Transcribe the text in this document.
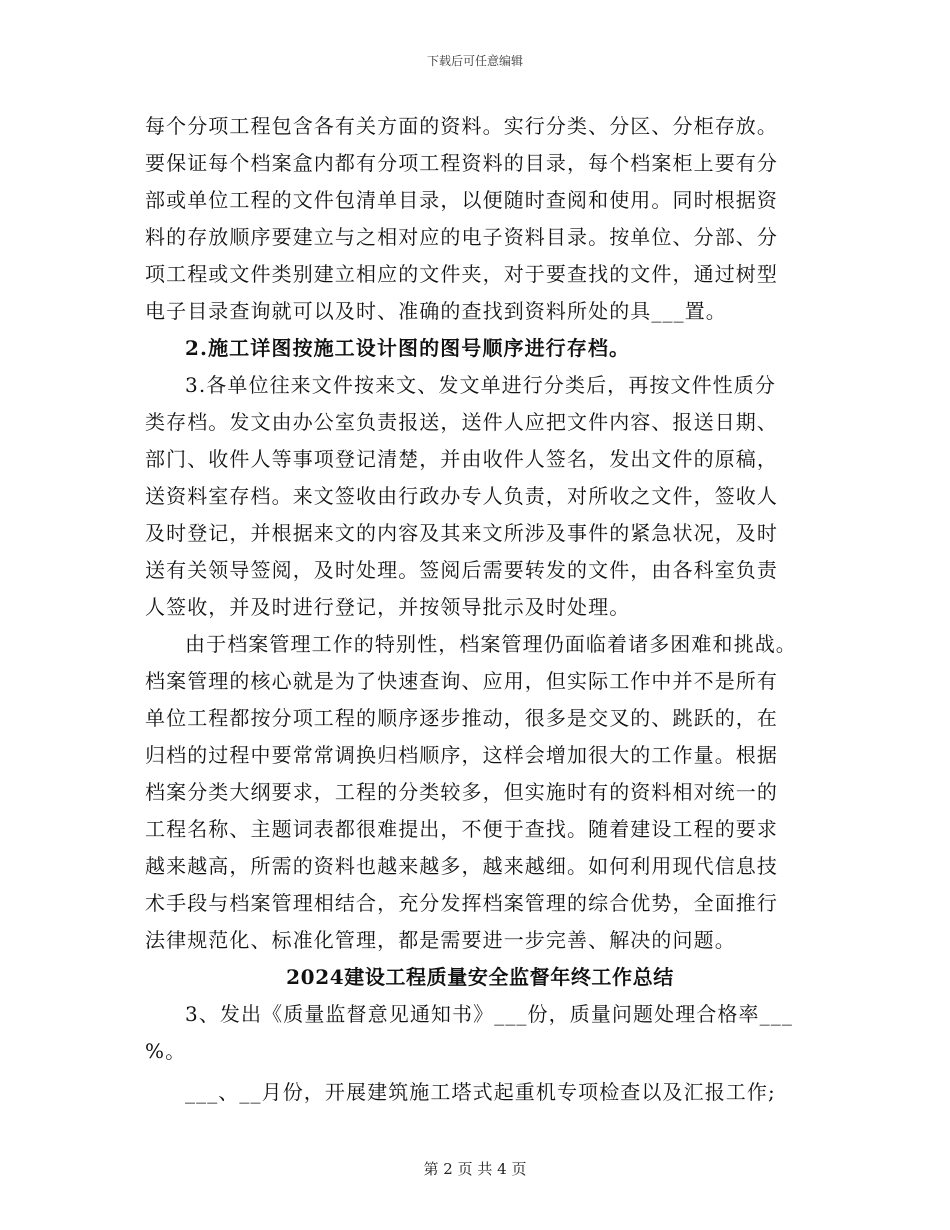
下载后可任意编辑
每个分项工程包含各有关方面的资料。实行分类、分区、分柜存放。
要保证每个档案盒内都有分项工程资料的目录，每个档案柜上要有分
部或单位工程的文件包清单目录，以便随时查阅和使用。同时根据资
料的存放顺序要建立与之相对应的电子资料目录。按单位、分部、分
项工程或文件类别建立相应的文件夹，对于要查找的文件，通过树型
电子目录查询就可以及时、准确的查找到资料所处的具___置。
2.施工详图按施工设计图的图号顺序进行存档。
3.各单位往来文件按来文、发文单进行分类后，再按文件性质分
类存档。发文由办公室负责报送，送件人应把文件内容、报送日期、
部门、收件人等事项登记清楚，并由收件人签名，发出文件的原稿，
送资料室存档。来文签收由行政办专人负责，对所收之文件，签收人
及时登记，并根据来文的内容及其来文所涉及事件的紧急状况，及时
送有关领导签阅，及时处理。签阅后需要转发的文件，由各科室负责
人签收，并及时进行登记，并按领导批示及时处理。
由于档案管理工作的特别性，档案管理仍面临着诸多困难和挑战。
档案管理的核心就是为了快速查询、应用，但实际工作中并不是所有
单位工程都按分项工程的顺序逐步推动，很多是交叉的、跳跃的，在
归档的过程中要常常调换归档顺序，这样会增加很大的工作量。根据
档案分类大纲要求，工程的分类较多，但实施时有的资料相对统一的
工程名称、主题词表都很难提出，不便于查找。随着建设工程的要求
越来越高，所需的资料也越来越多，越来越细。如何利用现代信息技
术手段与档案管理相结合，充分发挥档案管理的综合优势，全面推行
法律规范化、标准化管理，都是需要进一步完善、解决的问题。
2024建设工程质量安全监督年终工作总结
3、发出《质量监督意见通知书》___份，质量问题处理合格率___
%。
___、__月份，开展建筑施工塔式起重机专项检查以及汇报工作;
第 2 页 共 4 页
